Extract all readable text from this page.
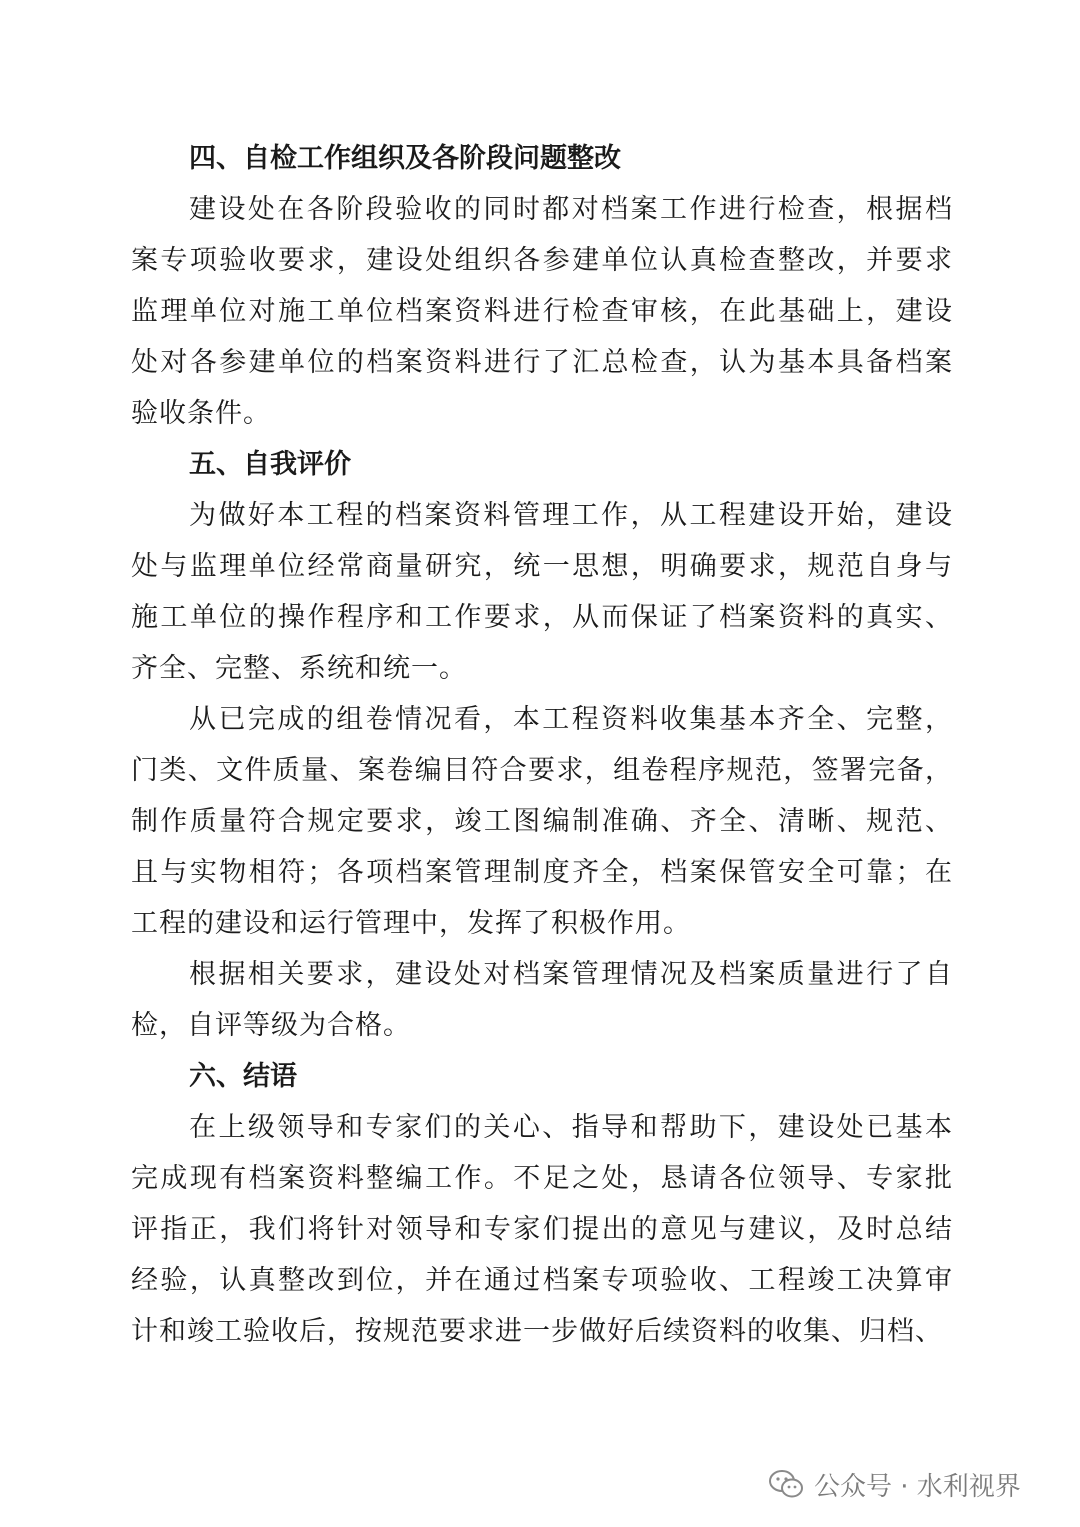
四、自检工作组织及各阶段问题整改
建设处在各阶段验收的同时都对档案工作进行检查，根据档
案专项验收要求，建设处组织各参建单位认真检查整改，并要求
监理单位对施工单位档案资料进行检查审核，在此基础上，建设
处对各参建单位的档案资料进行了汇总检查，认为基本具备档案
验收条件。
五、自我评价
为做好本工程的档案资料管理工作，从工程建设开始，建设
处与监理单位经常商量研究，统一思想，明确要求，规范自身与
施工单位的操作程序和工作要求，从而保证了档案资料的真实、
齐全、完整、系统和统一。
从已完成的组卷情况看，本工程资料收集基本齐全、完整，
门类、文件质量、案卷编目符合要求，组卷程序规范，签署完备，
制作质量符合规定要求，竣工图编制准确、齐全、清晰、规范、
且与实物相符；各项档案管理制度齐全，档案保管安全可靠；在
工程的建设和运行管理中，发挥了积极作用。
根据相关要求，建设处对档案管理情况及档案质量进行了自
检，自评等级为合格。
六、结语
在上级领导和专家们的关心、指导和帮助下，建设处已基本
完成现有档案资料整编工作。不足之处，恳请各位领导、专家批
评指正，我们将针对领导和专家们提出的意见与建议，及时总结
经验，认真整改到位，并在通过档案专项验收、工程竣工决算审
计和竣工验收后，按规范要求进一步做好后续资料的收集、归档、
公众号 · 水利视界
